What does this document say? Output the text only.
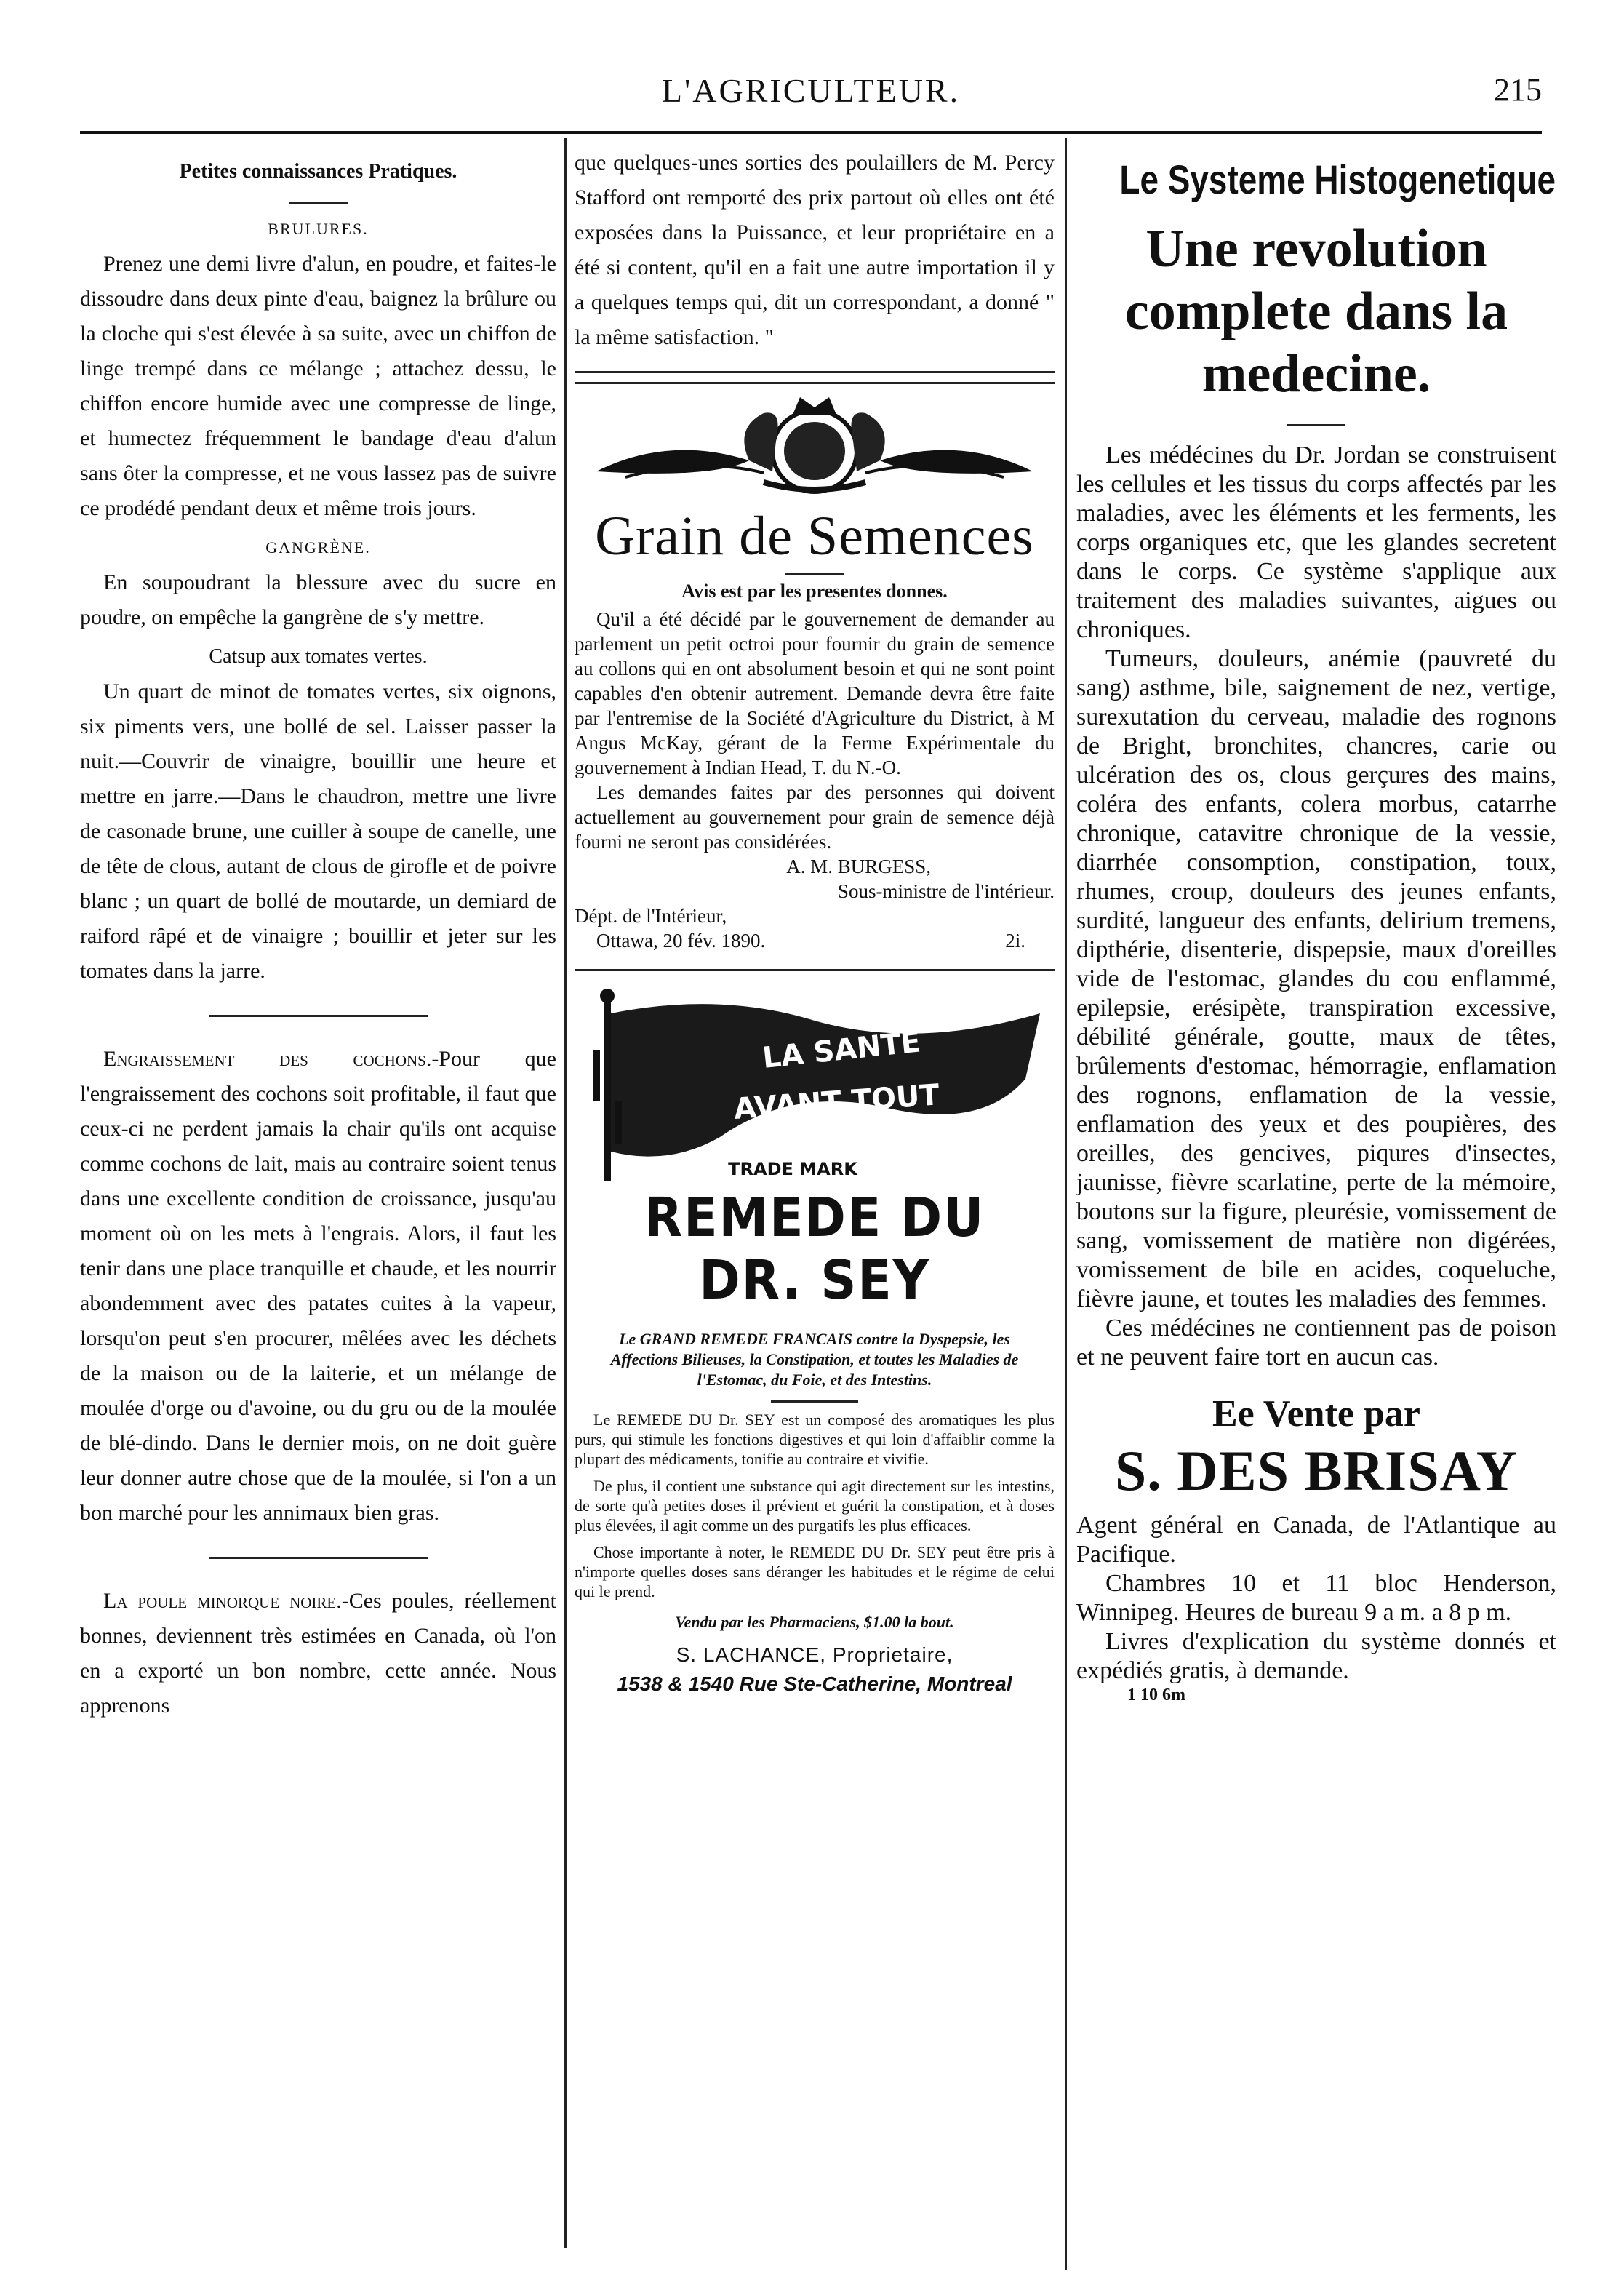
L'AGRICULTEUR.	215

Petites connaissances Pratiques.

BRULURES.

Prenez une demi livre d'alun, en poudre, et faites-le dissoudre dans deux pinte d'eau, baignez la brûlure ou la cloche qui s'est élevée à sa suite, avec un chiffon de linge trempé dans ce mélange ; attachez dessu, le chiffon encore humide avec une compresse de linge, et humectez fréquemment le bandage d'eau d'alun sans ôter la compresse, et ne vous lassez pas de suivre ce prodédé pendant deux et même trois jours.

GANGRÈNE.

En soupoudrant la blessure avec du sucre en poudre, on empêche la gangrène de s'y mettre.

Catsup aux tomates vertes.

Un quart de minot de tomates vertes, six oignons, six piments vers, une bollé de sel. Laisser passer la nuit.—Couvrir de vinaigre, bouillir une heure et mettre en jarre.—Dans le chaudron, mettre une livre de casonade brune, une cuiller à soupe de canelle, une de tête de clous, autant de clous de girofle et de poivre blanc ; un quart de bollé de moutarde, un demiard de raiford râpé et de vinaigre ; bouillir et jeter sur les tomates dans la jarre.

Engraissement des cochons.-Pour que l'engraissement des cochons soit profitable, il faut que ceux-ci ne perdent jamais la chair qu'ils ont acquise comme cochons de lait, mais au contraire soient tenus dans une excellente condition de croissance, jusqu'au moment où on les mets à l'engrais. Alors, il faut les tenir dans une place tranquille et chaude, et les nourrir abondemment avec des patates cuites à la vapeur, lorsqu'on peut s'en procurer, mêlées avec les déchets de la maison ou de la laiterie, et un mélange de moulée d'orge ou d'avoine, ou du gru ou de la moulée de blé-dindo. Dans le dernier mois, on ne doit guère leur donner autre chose que de la moulée, si l'on a un bon marché pour les annimaux bien gras.

La poule minorque noire.-Ces poules, réellement bonnes, deviennent très estimées en Canada, où l'on en a exporté un bon nombre, cette année. Nous apprenons

que quelques-unes sorties des poulaillers de M. Percy Stafford ont remporté des prix partout où elles ont été exposées dans la Puissance, et leur propriétaire en a été si content, qu'il en a fait une autre importation il y a quelques temps qui, dit un correspondant, a donné " la même satisfaction. "

Grain de Semences
Avis est par les presentes donnes.

Qu'il a été décidé par le gouvernement de demander au parlement un petit octroi pour fournir du grain de semence au collons qui en ont absolument besoin et qui ne sont point capables d'en obtenir autrement. Demande devra être faite par l'entremise de la Société d'Agriculture du District, à M Angus McKay, gérant de la Ferme Expérimentale du gouvernement à Indian Head, T. du N.-O.

Les demandes faites par des personnes qui doivent actuellement au gouvernement pour grain de semence déjà fourni ne seront pas considérées.

A. M. BURGESS,
Sous-ministre de l'intérieur.
Dépt. de l'Intérieur,
Ottawa, 20 fév. 1890.	2i.
LA SANTE
AVANT TOUT
TRADE MARK
REMEDE DU DR. SEY

Le GRAND REMEDE FRANCAIS contre la Dyspepsie, les Affections Bilieuses, la Constipation, et toutes les Maladies de l'Estomac, du Foie, et des Intestins.

Le REMEDE DU Dr. SEY est un composé des aromatiques les plus purs, qui stimule les fonctions digestives et qui loin d'affaiblir comme la plupart des médicaments, tonifie au contraire et vivifie.

De plus, il contient une substance qui agit directement sur les intestins, de sorte qu'à petites doses il prévient et guérit la constipation, et à doses plus élevées, il agit comme un des purgatifs les plus efficaces.

Chose importante à noter, le REMEDE DU Dr. SEY peut être pris à n'importe quelles doses sans déranger les habitudes et le régime de celui qui le prend.

Vendu par les Pharmaciens, $1.00 la bout.

S. LACHANCE, Proprietaire,

1538 & 1540 Rue Ste-Catherine, Montreal

Le Systeme Histogenetique
Une revolution complete dans la medecine.

Les médécines du Dr. Jordan se construisent les cellules et les tissus du corps affectés par les maladies, avec les éléments et les ferments, les corps organiques etc, que les glandes secretent dans le corps. Ce système s'applique aux traitement des maladies suivantes, aigues ou chroniques.

Tumeurs, douleurs, anémie (pauvreté du sang) asthme, bile, saignement de nez, vertige, surexutation du cerveau, maladie des rognons de Bright, bronchites, chancres, carie ou ulcération des os, clous gerçures des mains, coléra des enfants, colera morbus, catarrhe chronique, catavitre chronique de la vessie, diarrhée consomption, constipation, toux, rhumes, croup, douleurs des jeunes enfants, surdité, langueur des enfants, delirium tremens, dipthérie, disenterie, dispepsie, maux d'oreilles vide de l'estomac, glandes du cou enflammé, epilepsie, erésipète, transpiration excessive, débilité générale, goutte, maux de têtes, brûlements d'estomac, hémorragie, enflamation des rognons, enflamation de la vessie, enflamation des yeux et des poupières, des oreilles, des gencives, piqures d'insectes, jaunisse, fièvre scarlatine, perte de la mémoire, boutons sur la figure, pleurésie, vomissement de sang, vomissement de matière non digérées, vomissement de bile en acides, coqueluche, fièvre jaune, et toutes les maladies des femmes.

Ces médécines ne contiennent pas de poison et ne peuvent faire tort en aucun cas.

Ee Vente par
S. DES BRISAY

Agent général en Canada, de l'Atlantique au Pacifique.

Chambres 10 et 11 bloc Henderson, Winnipeg. Heures de bureau 9 a m. a 8 p m.

Livres d'explication du système donnés et expédiés gratis, à demande.

1 10 6m
